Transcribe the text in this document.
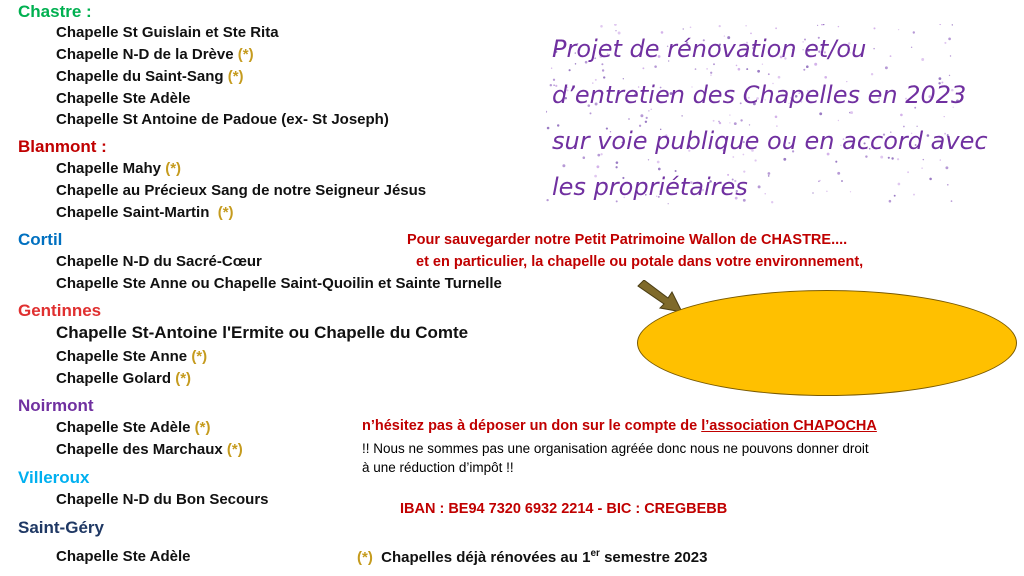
Chastre :
Blanmont :
Cortil
Gentinnes
Noirmont
Villeroux
Saint-Géry
Chapelle St Guislain et Ste Rita
Chapelle N-D de la Drève (*)
Chapelle du Saint-Sang (*)
Chapelle Ste Adèle
Chapelle St Antoine de Padoue (ex- St Joseph)
Chapelle Mahy (*)
Chapelle au Précieux Sang de notre Seigneur Jésus
Chapelle Saint-Martin (*)
Chapelle N-D du Sacré-Cœur
Chapelle Ste Anne ou Chapelle Saint-Quoilin et Sainte Turnelle
Chapelle St-Antoine l'Ermite ou Chapelle du Comte
Chapelle Ste Anne (*)
Chapelle Golard (*)
Chapelle Ste Adèle (*)
Chapelle des Marchaux (*)
Chapelle N-D du Bon Secours
Chapelle Ste Adèle
Projet de rénovation et/ou
d’entretien des Chapelles en 2023
sur voie publique ou en accord avec
les propriétaires
Pour sauvegarder notre Petit Patrimoine Wallon de CHASTRE....
et en particulier, la chapelle ou potale dans votre environnement,
n’hésitez pas à déposer un don sur le compte de l’association CHAPOCHA
!! Nous ne sommes pas une organisation agréée donc nous ne pouvons donner droit
à une réduction d’impôt !!
IBAN : BE94 7320 6932 2214 - BIC : CREGBEBB
(*) Chapelles déjà rénovées au 1er semestre 2023
